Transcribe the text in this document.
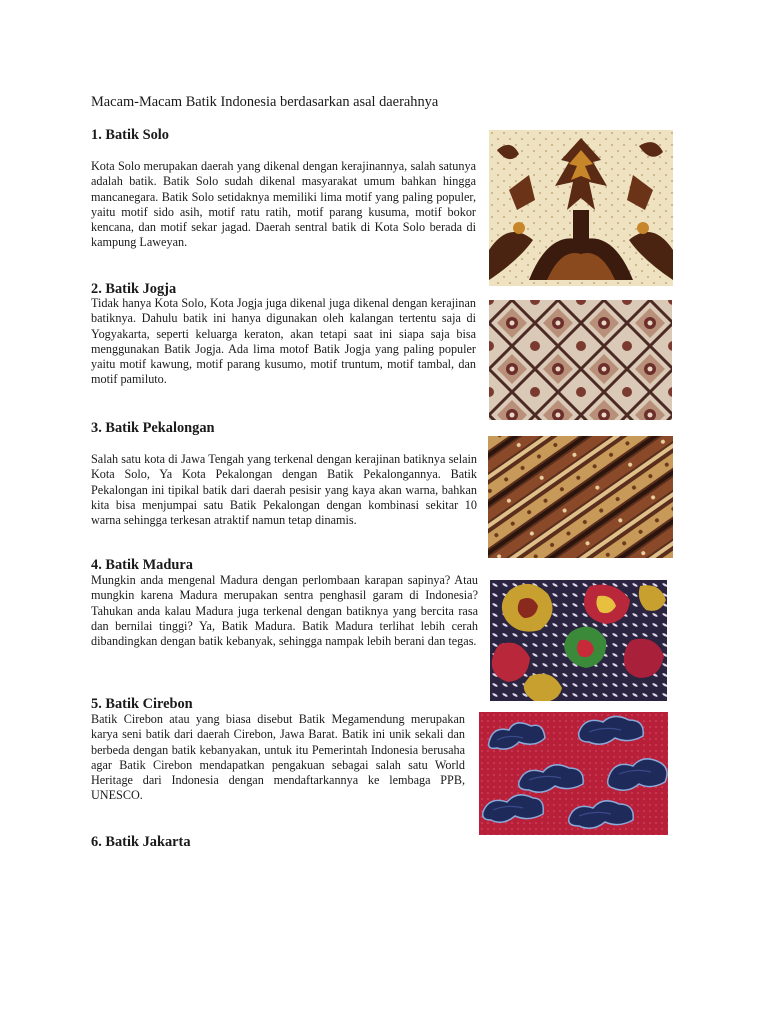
Macam-Macam Batik Indonesia berdasarkan asal daerahnya
1. Batik Solo
Kota Solo merupakan daerah yang dikenal dengan kerajinannya, salah satunya adalah batik. Batik Solo sudah dikenal masyarakat umum bahkan hingga mancanegara. Batik Solo setidaknya memiliki lima motif yang paling populer, yaitu motif sido asih, motif ratu ratih, motif parang kusuma, motif bokor kencana, dan motif sekar jagad. Daerah sentral batik di Kota Solo berada di kampung Laweyan.
2. Batik Jogja
Tidak hanya Kota Solo, Kota Jogja juga dikenal juga dikenal dengan kerajinan batiknya. Dahulu batik ini hanya digunakan oleh kalangan tertentu saja di Yogyakarta, seperti keluarga keraton, akan tetapi saat ini siapa saja bisa menggunakan Batik Jogja. Ada lima motof Batik Jogja yang paling populer yaitu motif kawung, motif parang kusumo, motif truntum, motif tambal, dan motif pamiluto.
3. Batik Pekalongan
Salah satu kota di Jawa Tengah yang terkenal dengan kerajinan batiknya selain Kota Solo, Ya Kota Pekalongan dengan Batik Pekalongannya. Batik Pekalongan ini tipikal batik dari daerah pesisir yang kaya akan warna, bahkan kita bisa menjumpai satu Batik Pekalongan dengan kombinasi sekitar 10 warna sehingga terkesan atraktif namun tetap dinamis.
4. Batik Madura
Mungkin anda mengenal Madura dengan perlombaan karapan sapinya? Atau mungkin karena Madura merupakan sentra penghasil garam di Indonesia? Tahukan anda kalau Madura juga terkenal dengan batiknya yang bercita rasa dan bernilai tinggi? Ya, Batik Madura. Batik Madura terlihat lebih cerah dibandingkan dengan batik kebanyak, sehingga nampak lebih berani dan tegas.
5. Batik Cirebon
Batik Cirebon atau yang biasa disebut Batik Megamendung merupakan karya seni batik dari daerah Cirebon, Jawa Barat. Batik ini unik sekali dan berbeda dengan batik kebanyakan, untuk itu Pemerintah Indonesia berusaha agar Batik Cirebon mendapatkan pengakuan sebagai salah satu World Heritage dari Indonesia dengan mendaftarkannya ke lembaga PPB, UNESCO.
6. Batik Jakarta
